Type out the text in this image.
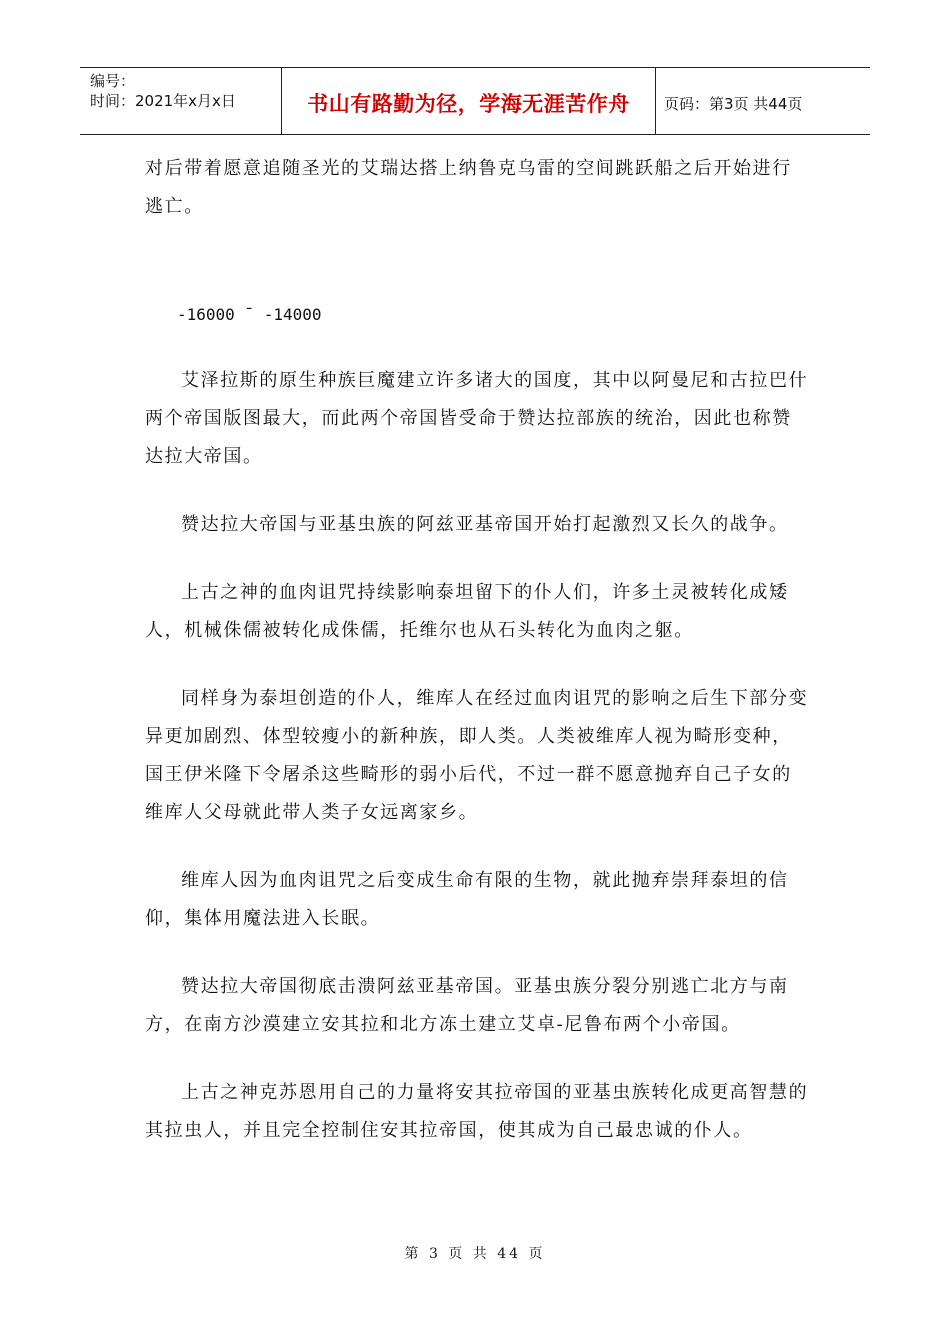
编号：
时间：2021年x月x日	书山有路勤为径，学海无涯苦作舟	页码：第3页 共44页

对后带着愿意追随圣光的艾瑞达搭上纳鲁克乌雷的空间跳跃船之后开始进行逃亡。

-16000 ¯ -14000

艾泽拉斯的原生种族巨魔建立许多诸大的国度，其中以阿曼尼和古拉巴什两个帝国版图最大，而此两个帝国皆受命于赞达拉部族的统治，因此也称赞达拉大帝国。

赞达拉大帝国与亚基虫族的阿兹亚基帝国开始打起激烈又长久的战争。

上古之神的血肉诅咒持续影响泰坦留下的仆人们，许多土灵被转化成矮人，机械侏儒被转化成侏儒，托维尔也从石头转化为血肉之躯。

同样身为泰坦创造的仆人，维库人在经过血肉诅咒的影响之后生下部分变异更加剧烈、体型较瘦小的新种族，即人类。人类被维库人视为畸形变种，国王伊米隆下令屠杀这些畸形的弱小后代，不过一群不愿意抛弃自己子女的维库人父母就此带人类子女远离家乡。

维库人因为血肉诅咒之后变成生命有限的生物，就此抛弃崇拜泰坦的信仰，集体用魔法进入长眠。

赞达拉大帝国彻底击溃阿兹亚基帝国。亚基虫族分裂分别逃亡北方与南方，在南方沙漠建立安其拉和北方冻土建立艾卓-尼鲁布两个小帝国。

上古之神克苏恩用自己的力量将安其拉帝国的亚基虫族转化成更高智慧的其拉虫人，并且完全控制住安其拉帝国，使其成为自己最忠诚的仆人。

第 3 页 共 44 页
